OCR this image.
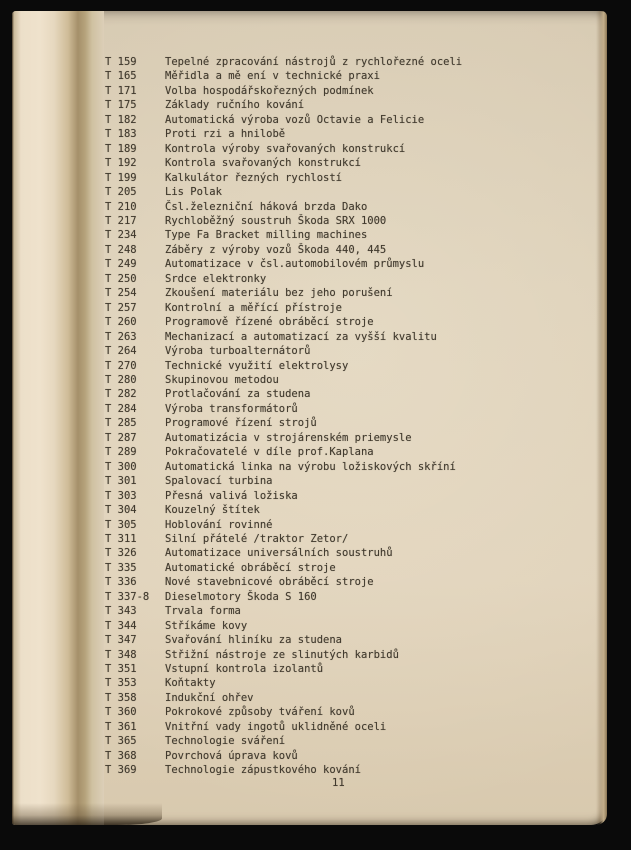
T 159	Tepelné zpracování nástrojů z rychlořezné oceli
T 165	Měřidla a mě ení v technické praxi
T 171	Volba hospodářskořezných podmínek
T 175	Základy ručního kování
T 182	Automatická výroba vozů Octavie a Felicie
T 183	Proti rzi a hnilobě
T 189	Kontrola výroby svařovaných konstrukcí
T 192	Kontrola svařovaných konstrukcí
T 199	Kalkulátor řezných rychlostí
T 205	Lis Polak
T 210	Čsl.železniční háková brzda Dako
T 217	Rychloběžný soustruh Škoda SRX 1000
T 234	Type Fa Bracket milling machines
T 248	Záběry z výroby vozů Škoda 440, 445
T 249	Automatizace v čsl.automobilovém průmyslu
T 250	Srdce elektronky
T 254	Zkoušení materiálu bez jeho porušení
T 257	Kontrolní a měřící přístroje
T 260	Programově řízené obráběcí stroje
T 263	Mechanizací a automatizací za vyšší kvalitu
T 264	Výroba turboalternátorů
T 270	Technické využití elektrolysy
T 280	Skupinovou metodou
T 282	Protlačování za studena
T 284	Výroba transformátorů
T 285	Programové řízení strojů
T 287	Automatizácia v strojárenském priemysle
T 289	Pokračovatelé v díle prof.Kaplana
T 300	Automatická linka na výrobu ložiskových skříní
T 301	Spalovací turbina
T 303	Přesná valivá ložiska
T 304	Kouzelný štítek
T 305	Hoblování rovinné
T 311	Silní přátelé /traktor Zetor/
T 326	Automatizace universálních soustruhů
T 335	Automatické obráběcí stroje
T 336	Nové stavebnicové obráběcí stroje
T 337-8	Dieselmotory Škoda S 160
T 343	Trvala forma
T 344	Stříkáme kovy
T 347	Svařování hliníku za studena
T 348	Střižní nástroje ze slinutých karbidů
T 351	Vstupní kontrola izolantů
T 353	Koňtakty
T 358	Indukční ohřev
T 360	Pokrokové způsoby tváření kovů
T 361	Vnitřní vady ingotů uklidněné oceli
T 365	Technologie sváření
T 368	Povrchová úprava kovů
T 369	Technologie zápustkového kování
11
